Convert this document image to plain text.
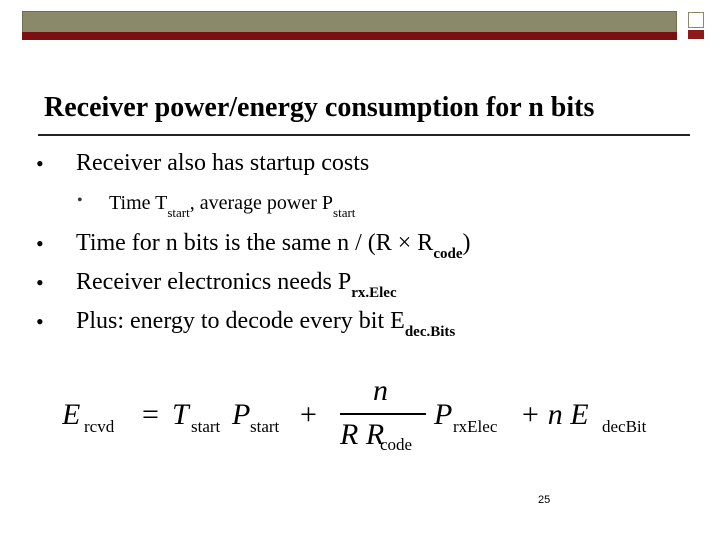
Receiver power/energy consumption for n bits
• Receiver also has startup costs
• Time $T_{start}$, average power $P_{start}$
• Time for n bits is the same $n / (R \times R_{code})$
• Receiver electronics needs $P_{rx.Elec}$
• Plus: energy to decode every bit $E_{dec.Bits}$
E rcvd = T start P start +
n
R R
code
P rxElec + n E decBit
25
